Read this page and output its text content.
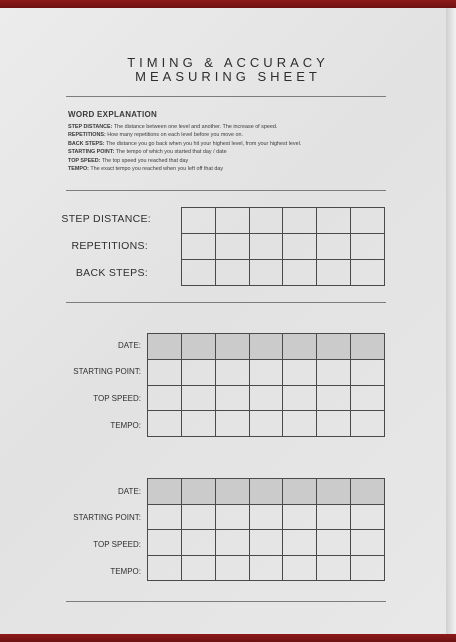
TIMING & ACCURACY
MEASURING SHEET
WORD EXPLANATION
STEP DISTANCE: The distance between one level and another. The increase of speed.
REPETITIONS: How many repetitions on each level before you move on.
BACK STEPS: The distance you go back when you hit your highest level, from your highest level.
STARTING POINT: The tempo of which you started that day / date
TOP SPEED: The top speed you reached that day
TEMPO: The exact tempo you reached when you left off that day
STEP DISTANCE:
REPETITIONS:
BACK STEPS:

DATE:
STARTING POINT:
TOP SPEED:
TEMPO:

DATE:
STARTING POINT:
TOP SPEED:
TEMPO:
